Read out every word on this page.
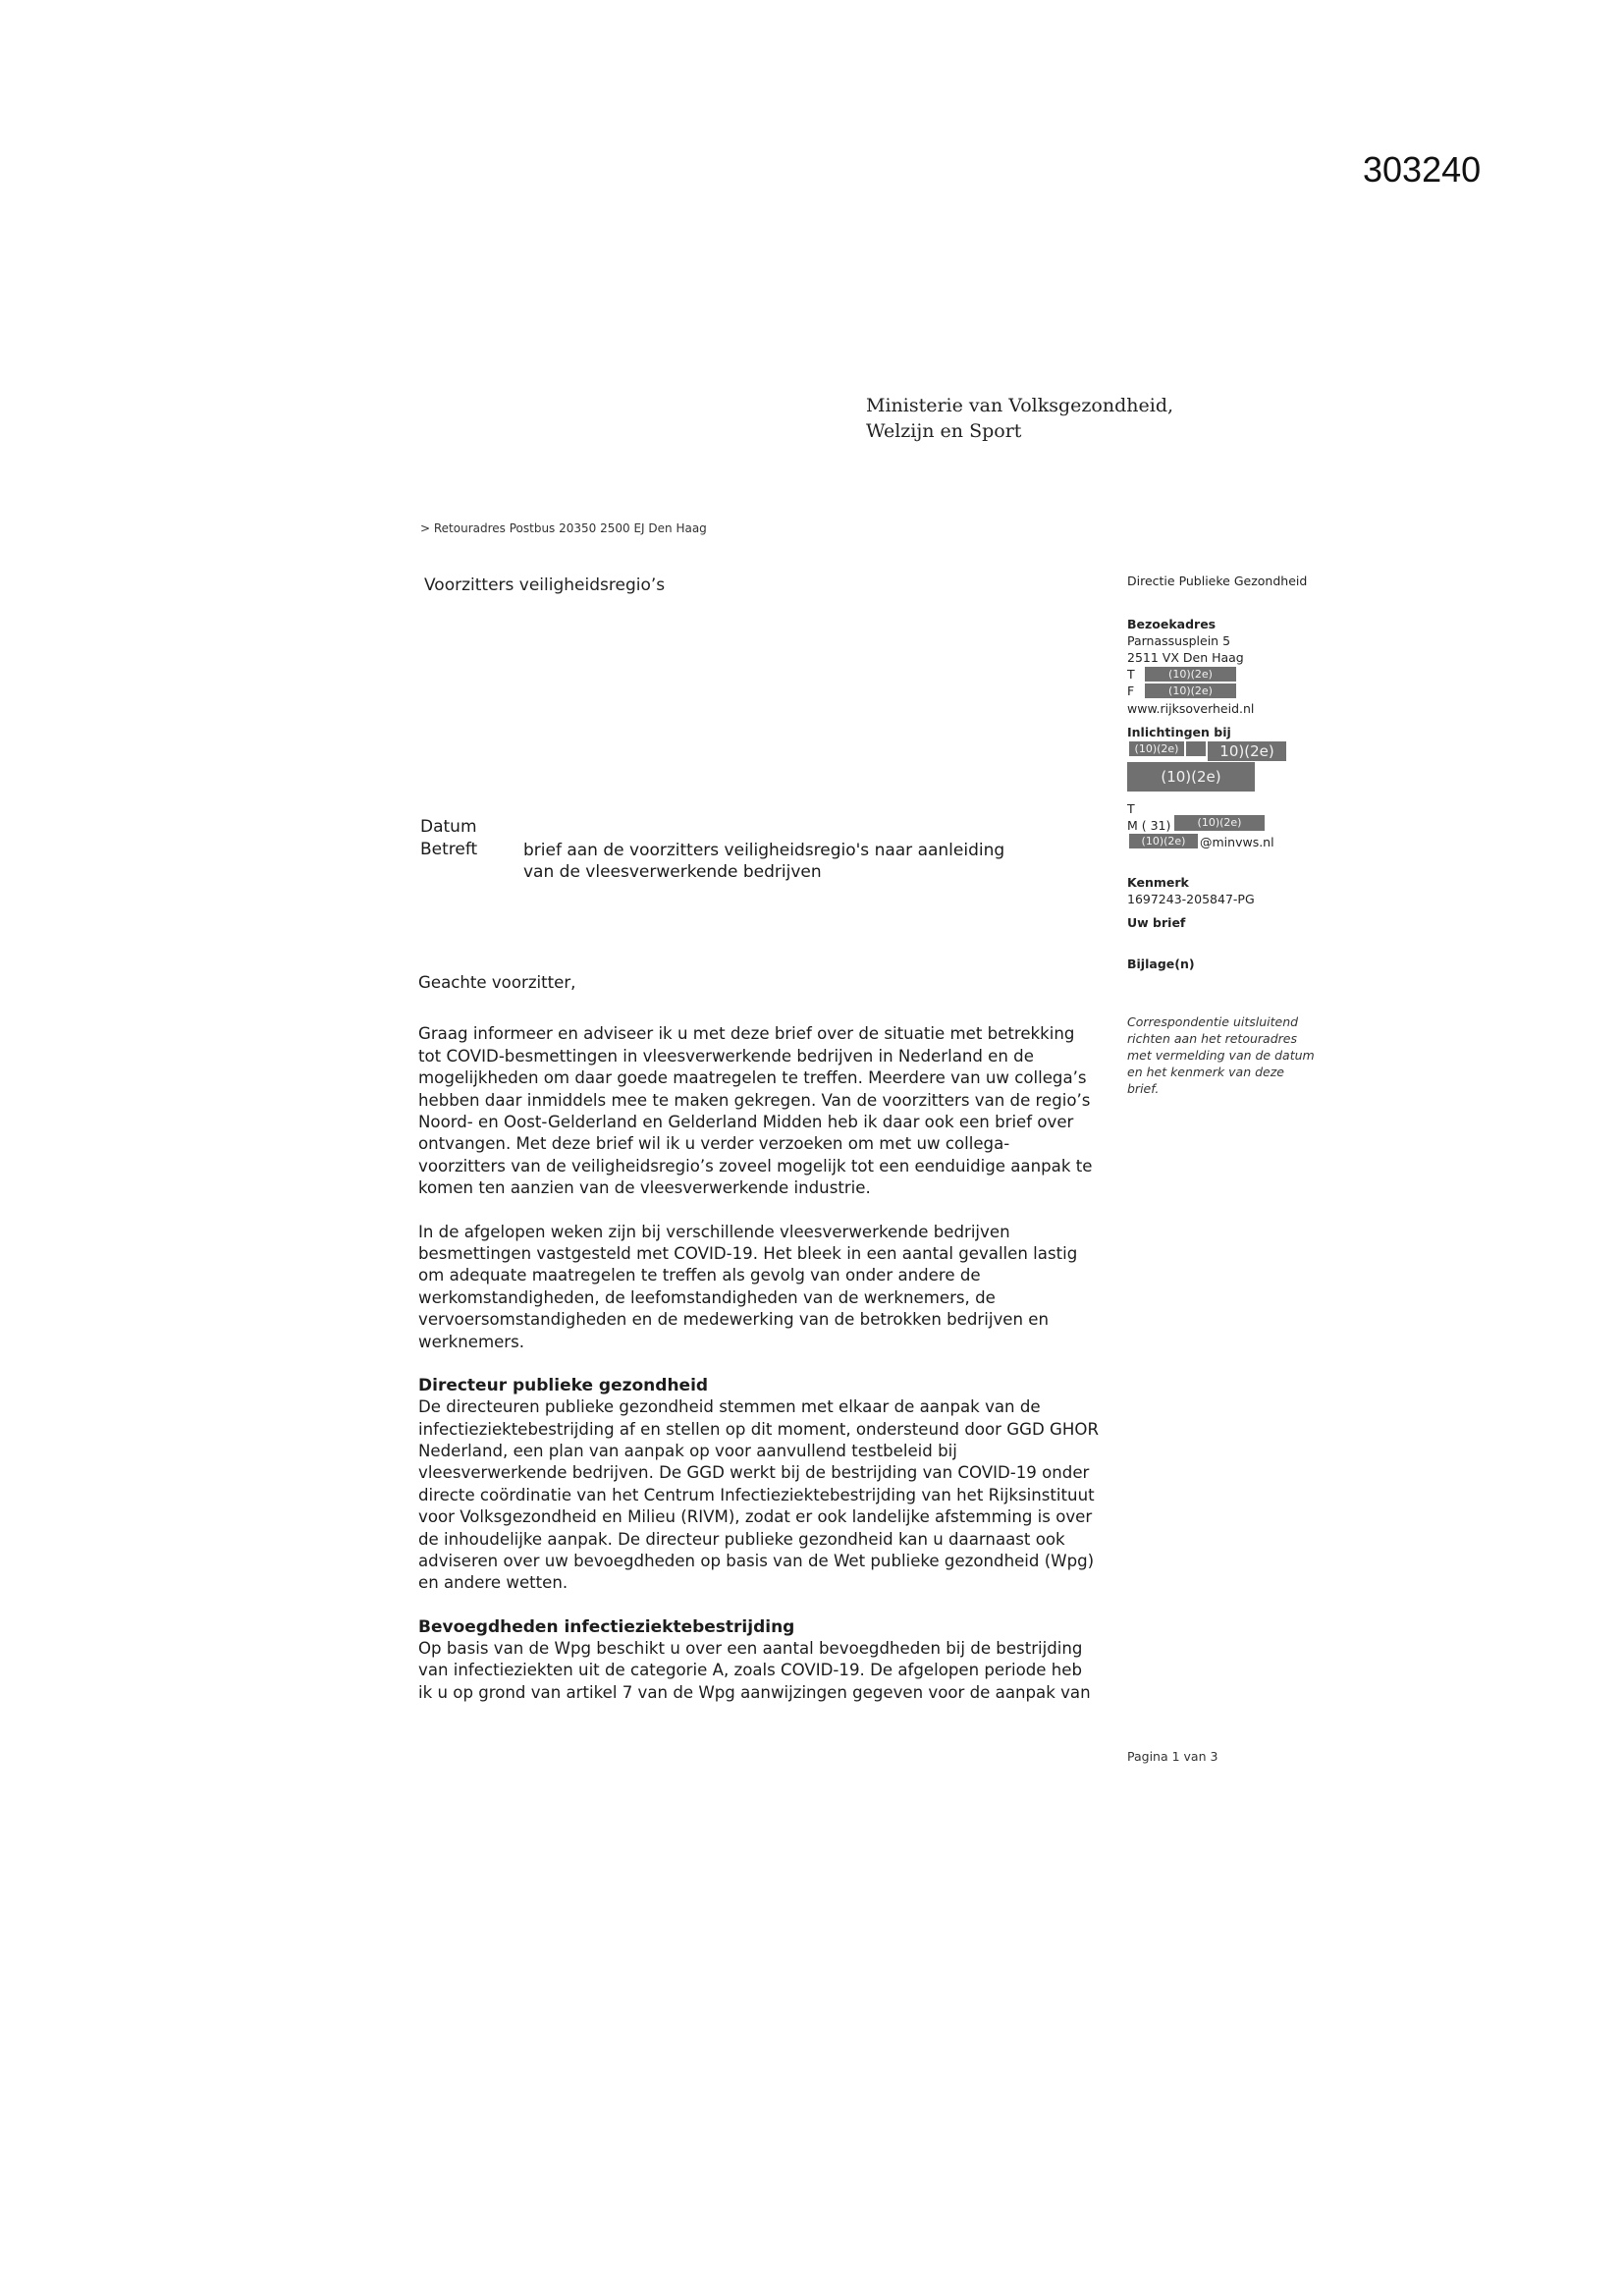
303240
Ministerie van Volksgezondheid,
Welzijn en Sport
> Retouradres Postbus 20350 2500 EJ Den Haag
Voorzitters veiligheidsregio’s
Datum
Betreft	brief aan de voorzitters veiligheidsregio's naar aanleiding
van de vleesverwerkende bedrijven
Directie Publieke Gezondheid
Bezoekadres
Parnassusplein 5
2511 VX Den Haag
T	(10)(2e)
F	(10)(2e)
www.rijksoverheid.nl
Inlichtingen bij
(10)(2e)	10)(2e)
(10)(2e)
T
M ( 31)	(10)(2e)
(10)(2e)	@minvws.nl
Kenmerk
1697243-205847-PG
Uw brief
Bijlage(n)
Correspondentie uitsluitend
richten aan het retouradres
met vermelding van de datum
en het kenmerk van deze
brief.

Geachte voorzitter,

Graag informeer en adviseer ik u met deze brief over de situatie met betrekking
tot COVID-besmettingen in vleesverwerkende bedrijven in Nederland en de
mogelijkheden om daar goede maatregelen te treffen. Meerdere van uw collega’s
hebben daar inmiddels mee te maken gekregen. Van de voorzitters van de regio’s
Noord- en Oost-Gelderland en Gelderland Midden heb ik daar ook een brief over
ontvangen. Met deze brief wil ik u verder verzoeken om met uw collega-
voorzitters van de veiligheidsregio’s zoveel mogelijk tot een eenduidige aanpak te
komen ten aanzien van de vleesverwerkende industrie.

In de afgelopen weken zijn bij verschillende vleesverwerkende bedrijven
besmettingen vastgesteld met COVID-19. Het bleek in een aantal gevallen lastig
om adequate maatregelen te treffen als gevolg van onder andere de
werkomstandigheden, de leefomstandigheden van de werknemers, de
vervoersomstandigheden en de medewerking van de betrokken bedrijven en
werknemers.

Directeur publieke gezondheid

De directeuren publieke gezondheid stemmen met elkaar de aanpak van de
infectieziektebestrijding af en stellen op dit moment, ondersteund door GGD GHOR
Nederland, een plan van aanpak op voor aanvullend testbeleid bij
vleesverwerkende bedrijven. De GGD werkt bij de bestrijding van COVID-19 onder
directe coördinatie van het Centrum Infectieziektebestrijding van het Rijksinstituut
voor Volksgezondheid en Milieu (RIVM), zodat er ook landelijke afstemming is over
de inhoudelijke aanpak. De directeur publieke gezondheid kan u daarnaast ook
adviseren over uw bevoegdheden op basis van de Wet publieke gezondheid (Wpg)
en andere wetten.

Bevoegdheden infectieziektebestrijding

Op basis van de Wpg beschikt u over een aantal bevoegdheden bij de bestrijding
van infectieziekten uit de categorie A, zoals COVID-19. De afgelopen periode heb
ik u op grond van artikel 7 van de Wpg aanwijzingen gegeven voor de aanpak van

Pagina 1 van 3
